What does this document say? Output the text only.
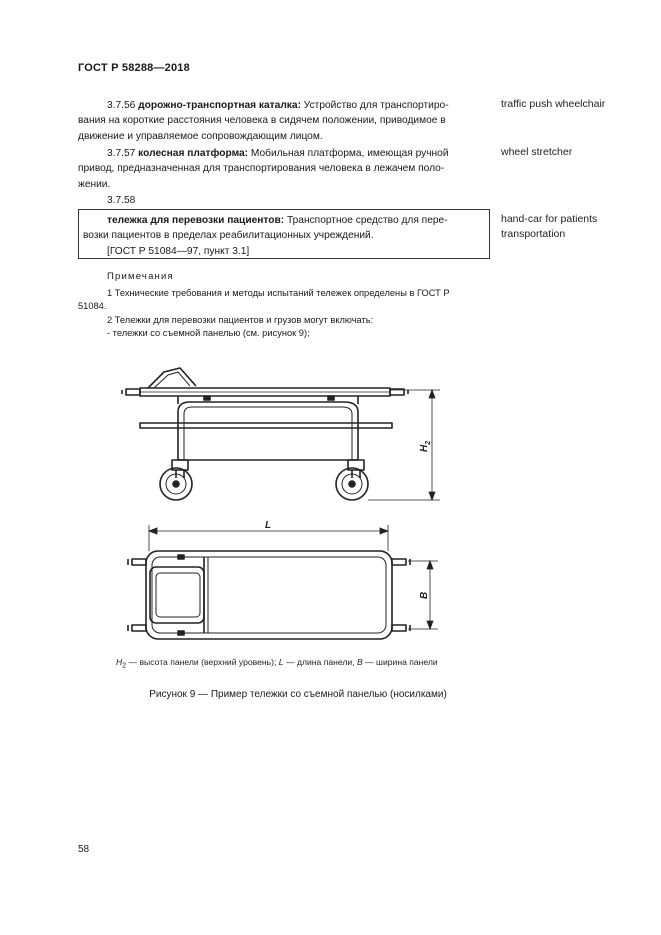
ГОСТ Р 58288—2018
3.7.56 дорожно-транспортная каталка: Устройство для транспортиро-
вания на короткие расстояния человека в сидячем положении, приводимое в
движение и управляемое сопровождающим лицом.
traffic push wheelchair
3.7.57 колесная платформа: Мобильная платформа, имеющая ручной
привод, предназначенная для транспортирования человека в лежачем поло-
жении.
wheel stretcher
3.7.58
тележка для перевозки пациентов: Транспортное средство для пере-
возки пациентов в пределах реабилитационных учреждений.
[ГОСТ Р 51084—97, пункт 3.1]
hand-car for patients
transportation
Примечания
1 Технические требования и методы испытаний тележек определены в ГОСТ Р
51084.
2 Тележки для перевозки пациентов и грузов могут включать:
- тележки со съемной панелью (см. рисунок 9);
$H_2$
L
B
$H_2$ — высота панели (верхний уровень); L — длина панели, B — ширина панели
Рисунок 9 — Пример тележки со съемной панелью (носилками)
58
